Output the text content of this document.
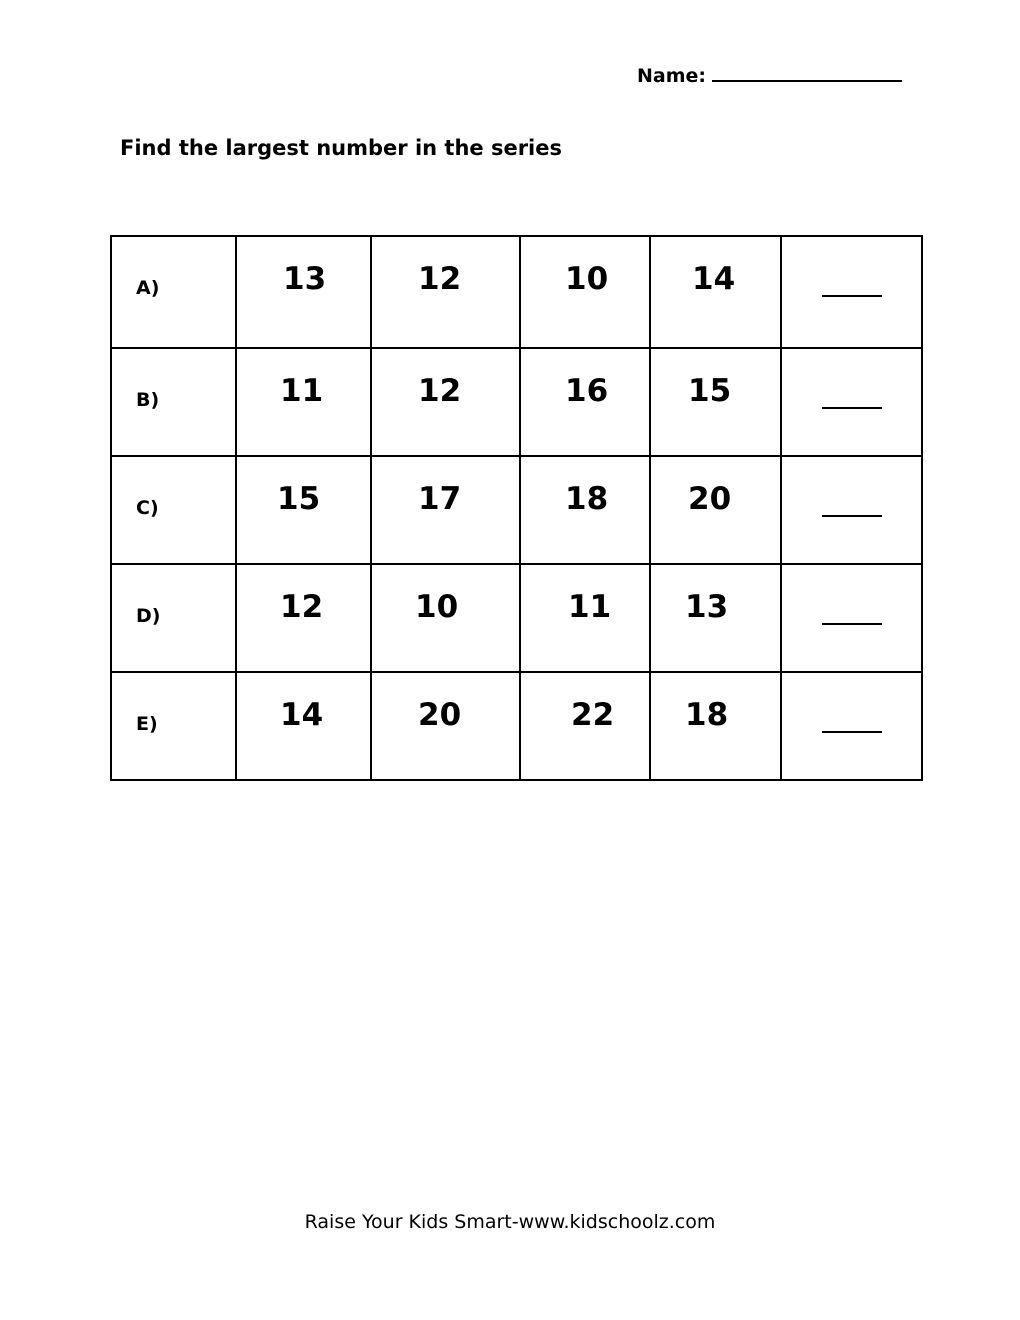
Name:
Find the largest number in the series
A)	13	12	10	14	

B)	11	12	16	15	

C)	15	17	18	20	

D)	12	10	11	13	

E)	14	20	22	18	

Raise Your Kids Smart-www.kidschoolz.com
